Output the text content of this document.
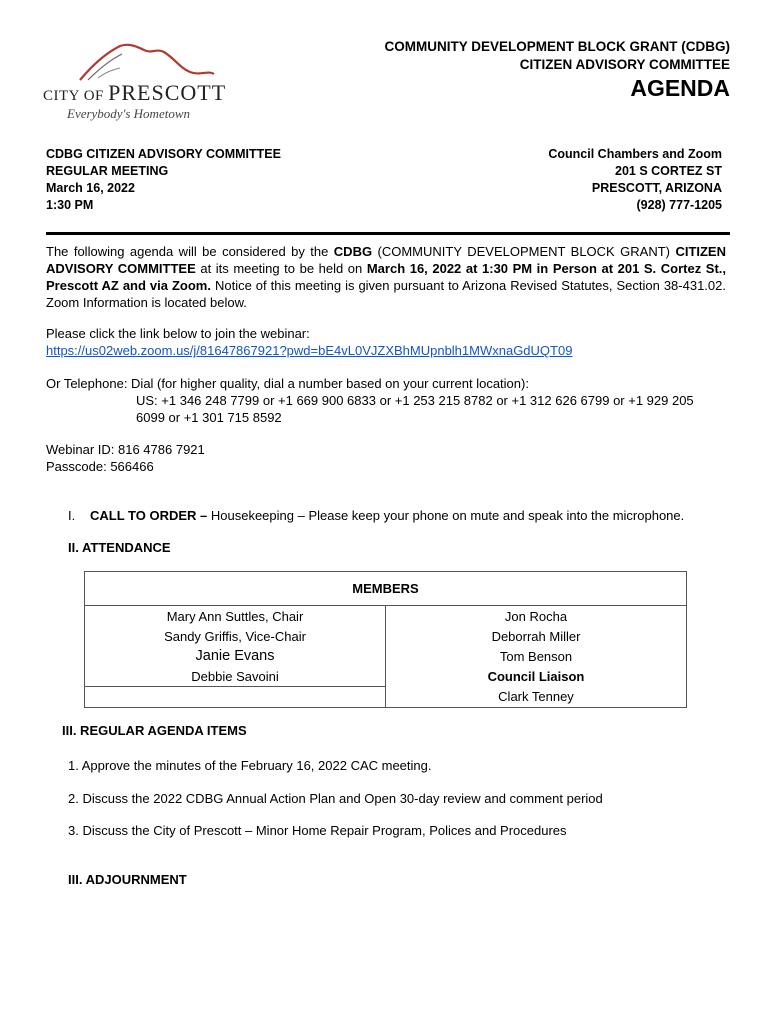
CITY OF PRESCOTT
Everybody's Hometown
COMMUNITY DEVELOPMENT BLOCK GRANT (CDBG)
CITIZEN ADVISORY COMMITTEE
AGENDA
CDBG CITIZEN ADVISORY COMMITTEE
REGULAR MEETING
March 16, 2022
1:30 PM
Council Chambers and Zoom
201 S CORTEZ ST
PRESCOTT, ARIZONA
(928) 777-1205
The following agenda will be considered by the CDBG (COMMUNITY DEVELOPMENT BLOCK GRANT) CITIZEN ADVISORY COMMITTEE at its meeting to be held on March 16, 2022 at 1:30 PM in Person at 201 S. Cortez St., Prescott AZ and via Zoom. Notice of this meeting is given pursuant to Arizona Revised Statutes, Section 38-431.02. Zoom Information is located below.
Please click the link below to join the webinar:
https://us02web.zoom.us/j/81647867921?pwd=bE4vL0VJZXBhMUpnblh1MWxnaGdUQT09
Or Telephone: Dial (for higher quality, dial a number based on your current location):
US: +1 346 248 7799 or +1 669 900 6833 or +1 253 215 8782 or +1 312 626 6799 or +1 929 205 6099 or +1 301 715 8592
Webinar ID: 816 4786 7921
Passcode: 566466
I. CALL TO ORDER – Housekeeping – Please keep your phone on mute and speak into the microphone.
II. ATTENDANCE
MEMBERS	
Mary Ann Suttles, Chair	Jon Rocha
Sandy Griffis, Vice-Chair	Deborrah Miller
Janie Evans	Tom Benson
Debbie Savoini	Council Liaison
	Clark Tenney
III. REGULAR AGENDA ITEMS
1. Approve the minutes of the February 16, 2022 CAC meeting.
2. Discuss the 2022 CDBG Annual Action Plan and Open 30-day review and comment period
3. Discuss the City of Prescott – Minor Home Repair Program, Polices and Procedures
III. ADJOURNMENT
